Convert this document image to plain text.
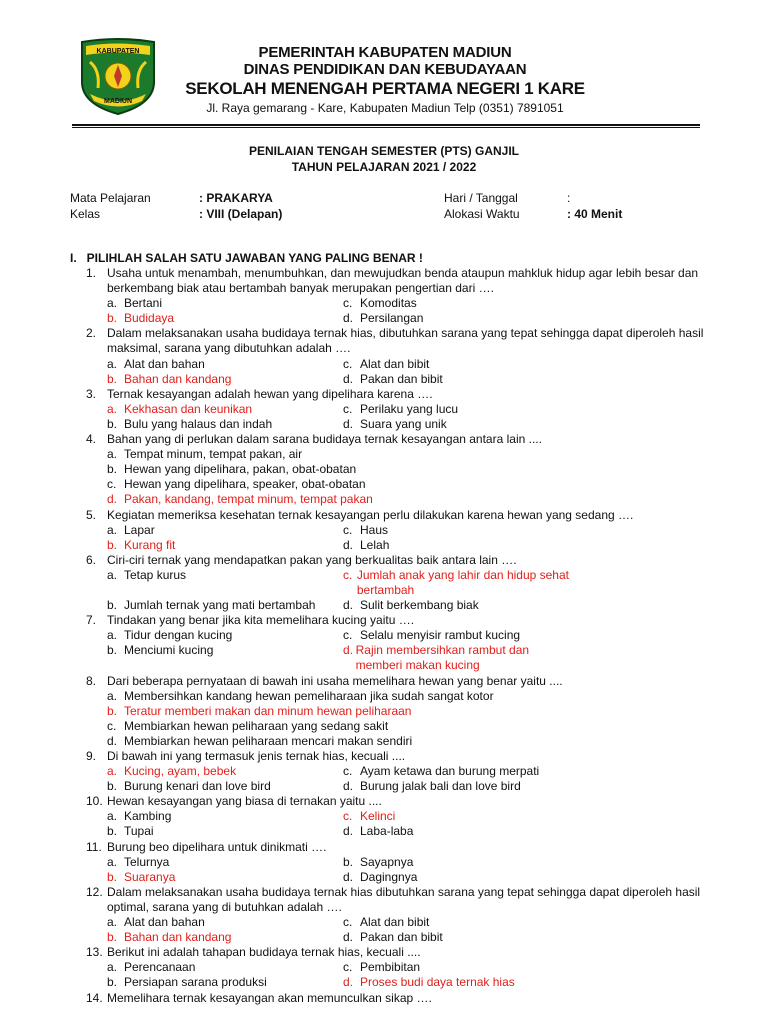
KABUPATEN
MADIUN
PEMERINTAH KABUPATEN MADIUN
DINAS PENDIDIKAN DAN KEBUDAYAAN
SEKOLAH MENENGAH PERTAMA NEGERI 1 KARE
Jl. Raya gemarang - Kare, Kabupaten Madiun Telp (0351) 7891051
PENILAIAN TENGAH SEMESTER (PTS) GANJIL
TAHUN PELAJARAN 2021 / 2022
Mata Pelajaran	: PRAKARYA
Kelas	: VIII (Delapan)
Hari / Tanggal	:
Alokasi Waktu	: 40 Menit
I.   PILIHLAH SALAH SATU JAWABAN YANG PALING BENAR !
1. Usaha untuk menambah, menumbuhkan, dan mewujudkan benda ataupun mahkluk hidup agar lebih besar dan berkembang biak atau bertambah banyak merupakan pengertian dari ….
a. Bertani	c. Komoditas
b. Budidaya	d. Persilangan
2. Dalam melaksanakan usaha budidaya ternak hias, dibutuhkan sarana yang tepat sehingga dapat diperoleh hasil maksimal, sarana yang dibutuhkan adalah ….
a. Alat dan bahan	c. Alat dan bibit
b. Bahan dan kandang	d. Pakan dan bibit
3. Ternak kesayangan adalah hewan yang dipelihara karena ….
a. Kekhasan dan keunikan	c. Perilaku yang lucu
b. Bulu yang halaus dan indah	d. Suara yang unik
4. Bahan yang di perlukan dalam sarana budidaya ternak kesayangan antara lain ....
a. Tempat minum, tempat pakan, air
b. Hewan yang dipelihara, pakan, obat-obatan
c. Hewan yang dipelihara, speaker, obat-obatan
d. Pakan, kandang, tempat minum, tempat pakan
5. Kegiatan memeriksa kesehatan ternak kesayangan perlu dilakukan karena hewan yang sedang ….
a. Lapar	c. Haus
b. Kurang fit	d. Lelah
6. Ciri-ciri ternak yang mendapatkan pakan yang berkualitas baik antara lain ….
a. Tetap kurus	c. Jumlah anak yang lahir dan hidup sehat bertambah
b. Jumlah ternak yang mati bertambah d. Sulit berkembang biak
7. Tindakan yang benar jika kita memelihara kucing yaitu ….
a. Tidur dengan kucing	c. Selalu menyisir rambut kucing
b. Menciumi kucing	d. Rajin membersihkan rambut dan memberi makan kucing
8. Dari beberapa pernyataan di bawah ini usaha memelihara hewan yang benar yaitu ....
a. Membersihkan kandang hewan pemeliharaan jika sudah sangat kotor
b. Teratur memberi makan dan minum hewan peliharaan
c. Membiarkan hewan peliharaan yang sedang sakit
d. Membiarkan hewan peliharaan mencari makan sendiri
9. Di bawah ini yang termasuk jenis ternak hias, kecuali ....
a. Kucing, ayam, bebek	c. Ayam ketawa dan burung merpati
b. Burung kenari dan love bird	d. Burung jalak bali dan love bird
10. Hewan kesayangan yang biasa di ternakan yaitu ....
a. Kambing	c. Kelinci
b. Tupai	d. Laba-laba
11. Burung beo dipelihara untuk dinikmati ….
a. Telurnya	b. Sayapnya
b. Suaranya	d. Dagingnya
12. Dalam melaksanakan usaha budidaya ternak hias dibutuhkan sarana yang tepat sehingga dapat diperoleh hasil optimal, sarana yang di butuhkan adalah ….
a. Alat dan bahan	c. Alat dan bibit
b. Bahan dan kandang	d. Pakan dan bibit
13. Berikut ini adalah tahapan budidaya ternak hias, kecuali ....
a. Perencanaan	c. Pembibitan
b. Persiapan sarana produksi	d. Proses budi daya ternak hias
14. Memelihara ternak kesayangan akan memunculkan sikap ….
